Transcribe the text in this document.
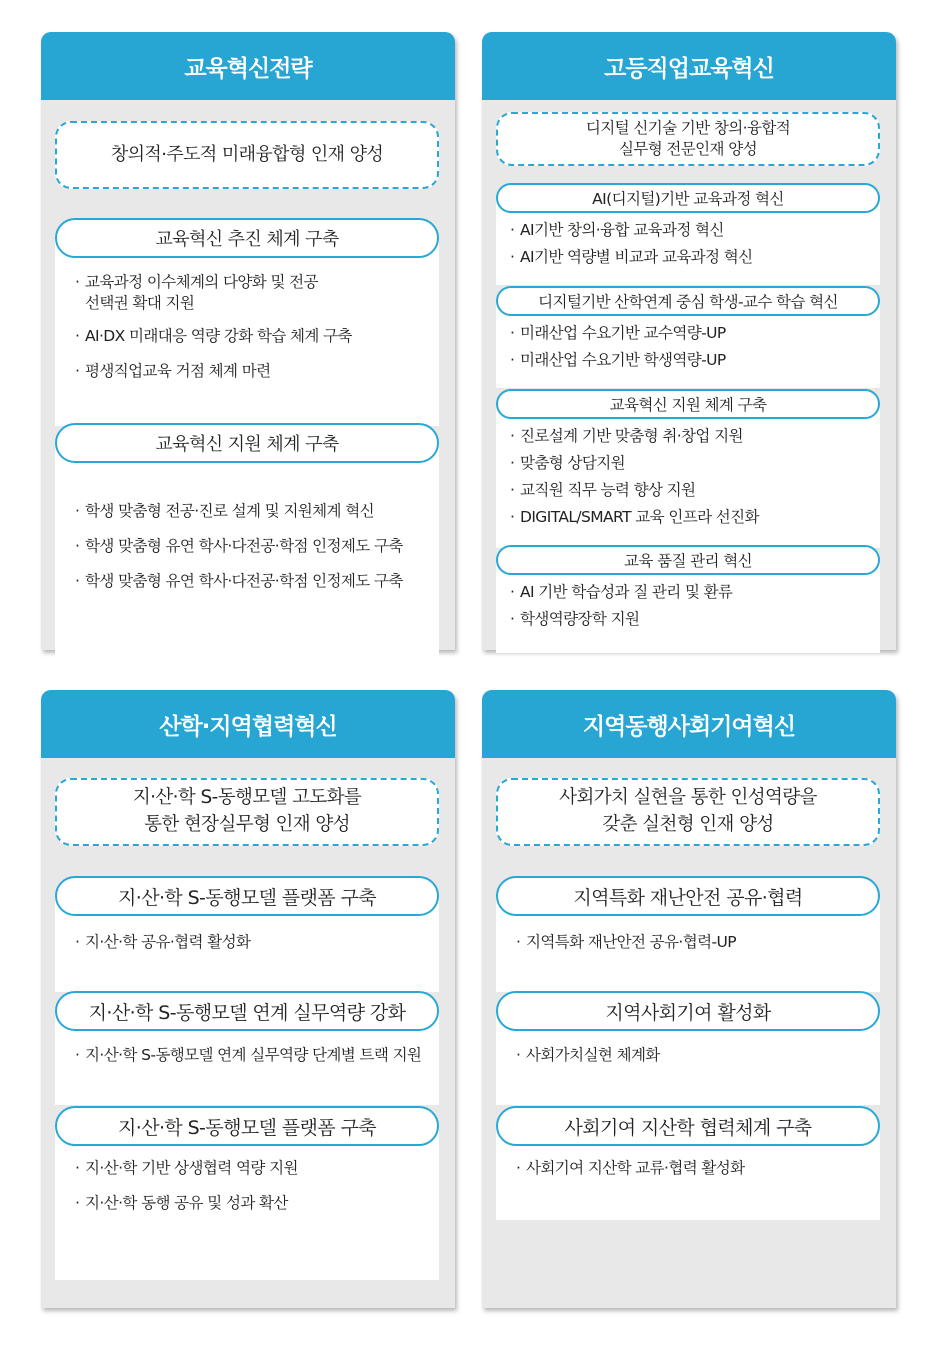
교육혁신전략
창의적·주도적 미래융합형 인재 양성
교육혁신 추진 체계 구축
· 교육과정 이수체계의 다양화 및 전공
선택권 확대 지원
· AI·DX 미래대응 역량 강화 학습 체계 구축
· 평생직업교육 거점 체계 마련
교육혁신 지원 체계 구축
· 학생 맞춤형 전공·진로 설계 및 지원체계 혁신
· 학생 맞춤형 유연 학사·다전공·학점 인정제도 구축
· 학생 맞춤형 유연 학사·다전공·학점 인정제도 구축
고등직업교육혁신
디지털 신기술 기반 창의·융합적
실무형 전문인재 양성
AI(디지털)기반 교육과정 혁신
· AI기반 창의·융합 교육과정 혁신
· AI기반 역량별 비교과 교육과정 혁신
디지털기반 산학연계 중심 학생-교수 학습 혁신
· 미래산업 수요기반 교수역량-UP
· 미래산업 수요기반 학생역량-UP
교육혁신 지원 체계 구축
· 진로설계 기반 맞춤형 취·창업 지원
· 맞춤형 상담지원
· 교직원 직무 능력 향상 지원
· DIGITAL/SMART 교육 인프라 선진화
교육 품질 관리 혁신
· AI 기반 학습성과 질 관리 및 환류
· 학생역량장학 지원
산학·지역협력혁신
지·산·학 S-동행모델 고도화를
통한 현장실무형 인재 양성
지·산·학 S-동행모델 플랫폼 구축
· 지·산·학 공유·협력 활성화
지·산·학 S-동행모델 연계 실무역량 강화
· 지·산·학 S-동행모델 연계 실무역량 단계별 트랙 지원
지·산·학 S-동행모델 플랫폼 구축
· 지·산·학 기반 상생협력 역량 지원
· 지·산·학 동행 공유 및 성과 확산
지역동행사회기여혁신
사회가치 실현을 통한 인성역량을
갖춘 실천형 인재 양성
지역특화 재난안전 공유·협력
· 지역특화 재난안전 공유·협력-UP
지역사회기여 활성화
· 사회가치실현 체계화
사회기여 지산학 협력체계 구축
· 사회기여 지산학 교류·협력 활성화
